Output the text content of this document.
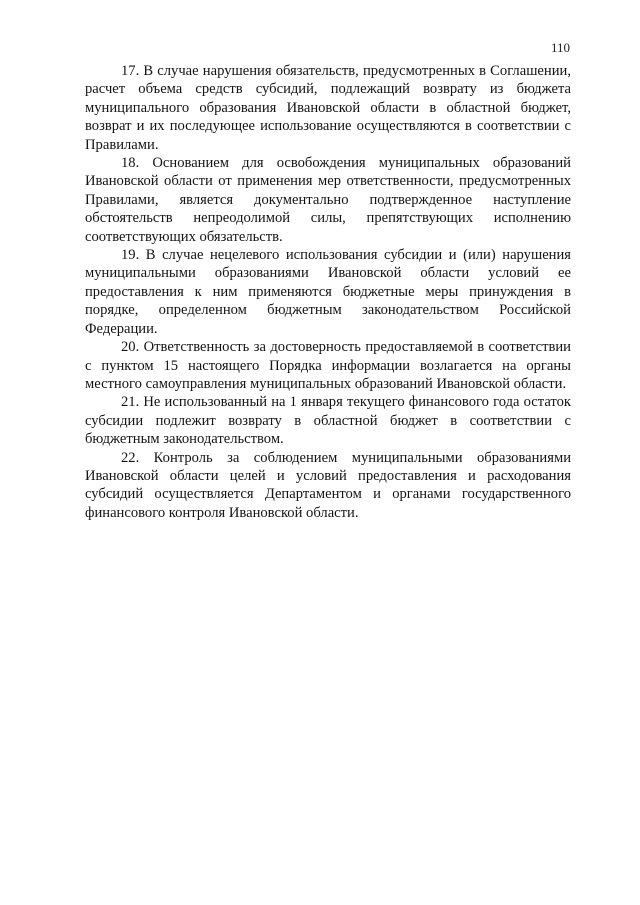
110

17. В случае нарушения обязательств, предусмотренных в Соглашении, расчет объема средств субсидий, подлежащий возврату из бюджета муниципального образования Ивановской области в областной бюджет, возврат и их последующее использование осуществляются в соответствии с Правилами.

18. Основанием для освобождения муниципальных образований Ивановской области от применения мер ответственности, предусмотренных Правилами, является документально подтвержденное наступление обстоятельств непреодолимой силы, препятствующих исполнению соответствующих обязательств.

19. В случае нецелевого использования субсидии и (или) нарушения муниципальными образованиями Ивановской области условий ее предоставления к ним применяются бюджетные меры принуждения в порядке, определенном бюджетным законодательством Российской Федерации.

20. Ответственность за достоверность предоставляемой в соответствии с пунктом 15 настоящего Порядка информации возлагается на органы местного самоуправления муниципальных образований Ивановской области.

21. Не использованный на 1 января текущего финансового года остаток субсидии подлежит возврату в областной бюджет в соответствии с бюджетным законодательством.

22. Контроль за соблюдением муниципальными образованиями Ивановской области целей и условий предоставления и расходования субсидий осуществляется Департаментом и органами государственного финансового контроля Ивановской области.
